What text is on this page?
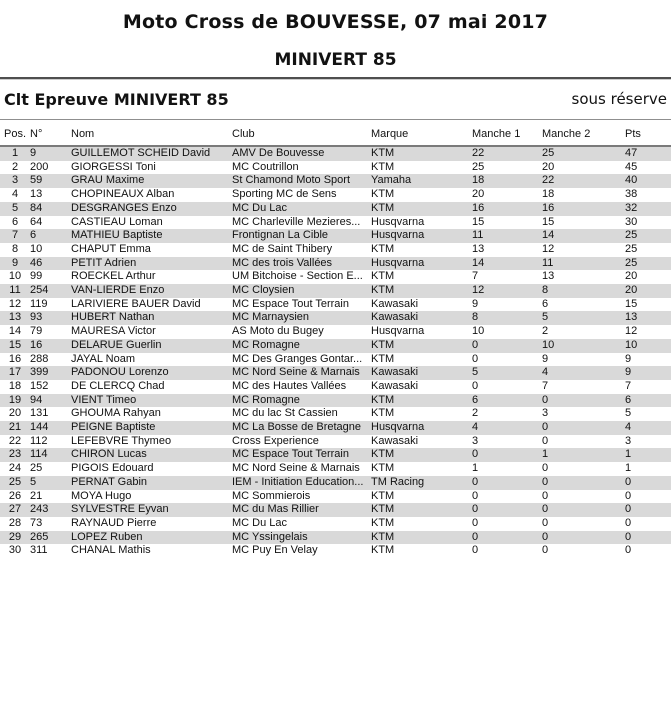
Moto Cross de BOUVESSE, 07 mai 2017
MINIVERT 85
Clt Epreuve MINIVERT 85	sous réserve
Pos.	N°	Nom	Club	Marque	Manche 1	Manche 2	Pts
1	9	GUILLEMOT SCHEID David	AMV De Bouvesse	KTM	22	25	47
2	200	GIORGESSI Toni	MC Coutrillon	KTM	25	20	45
3	59	GRAU Maxime	St Chamond Moto Sport	Yamaha	18	22	40
4	13	CHOPINEAUX Alban	Sporting MC de Sens	KTM	20	18	38
5	84	DESGRANGES Enzo	MC Du Lac	KTM	16	16	32
6	64	CASTIEAU Loman	MC Charleville Mezieres...	Husqvarna	15	15	30
7	6	MATHIEU Baptiste	Frontignan La Cible	Husqvarna	11	14	25
8	10	CHAPUT Emma	MC de Saint Thibery	KTM	13	12	25
9	46	PETIT Adrien	MC des trois Vallées	Husqvarna	14	11	25
10	99	ROECKEL Arthur	UM Bitchoise - Section E...	KTM	7	13	20
11	254	VAN-LIERDE Enzo	MC Cloysien	KTM	12	8	20
12	119	LARIVIERE BAUER David	MC Espace Tout Terrain	Kawasaki	9	6	15
13	93	HUBERT Nathan	MC Marnaysien	Kawasaki	8	5	13
14	79	MAURESA Victor	AS Moto du Bugey	Husqvarna	10	2	12
15	16	DELARUE Guerlin	MC Romagne	KTM	0	10	10
16	288	JAYAL Noam	MC Des Granges Gontar...	KTM	0	9	9
17	399	PADONOU Lorenzo	MC Nord Seine & Marnais	Kawasaki	5	4	9
18	152	DE CLERCQ Chad	MC des Hautes Vallées	Kawasaki	0	7	7
19	94	VIENT Timeo	MC Romagne	KTM	6	0	6
20	131	GHOUMA Rahyan	MC du lac St Cassien	KTM	2	3	5
21	144	PEIGNE Baptiste	MC La Bosse de Bretagne	Husqvarna	4	0	4
22	112	LEFEBVRE Thymeo	Cross Experience	Kawasaki	3	0	3
23	114	CHIRON Lucas	MC Espace Tout Terrain	KTM	0	1	1
24	25	PIGOIS Edouard	MC Nord Seine & Marnais	KTM	1	0	1
25	5	PERNAT Gabin	IEM - Initiation Education...	TM Racing	0	0	0
26	21	MOYA Hugo	MC Sommierois	KTM	0	0	0
27	243	SYLVESTRE Eyvan	MC du Mas Rillier	KTM	0	0	0
28	73	RAYNAUD Pierre	MC Du Lac	KTM	0	0	0
29	265	LOPEZ Ruben	MC Yssingelais	KTM	0	0	0
30	311	CHANAL Mathis	MC Puy En Velay	KTM	0	0	0
